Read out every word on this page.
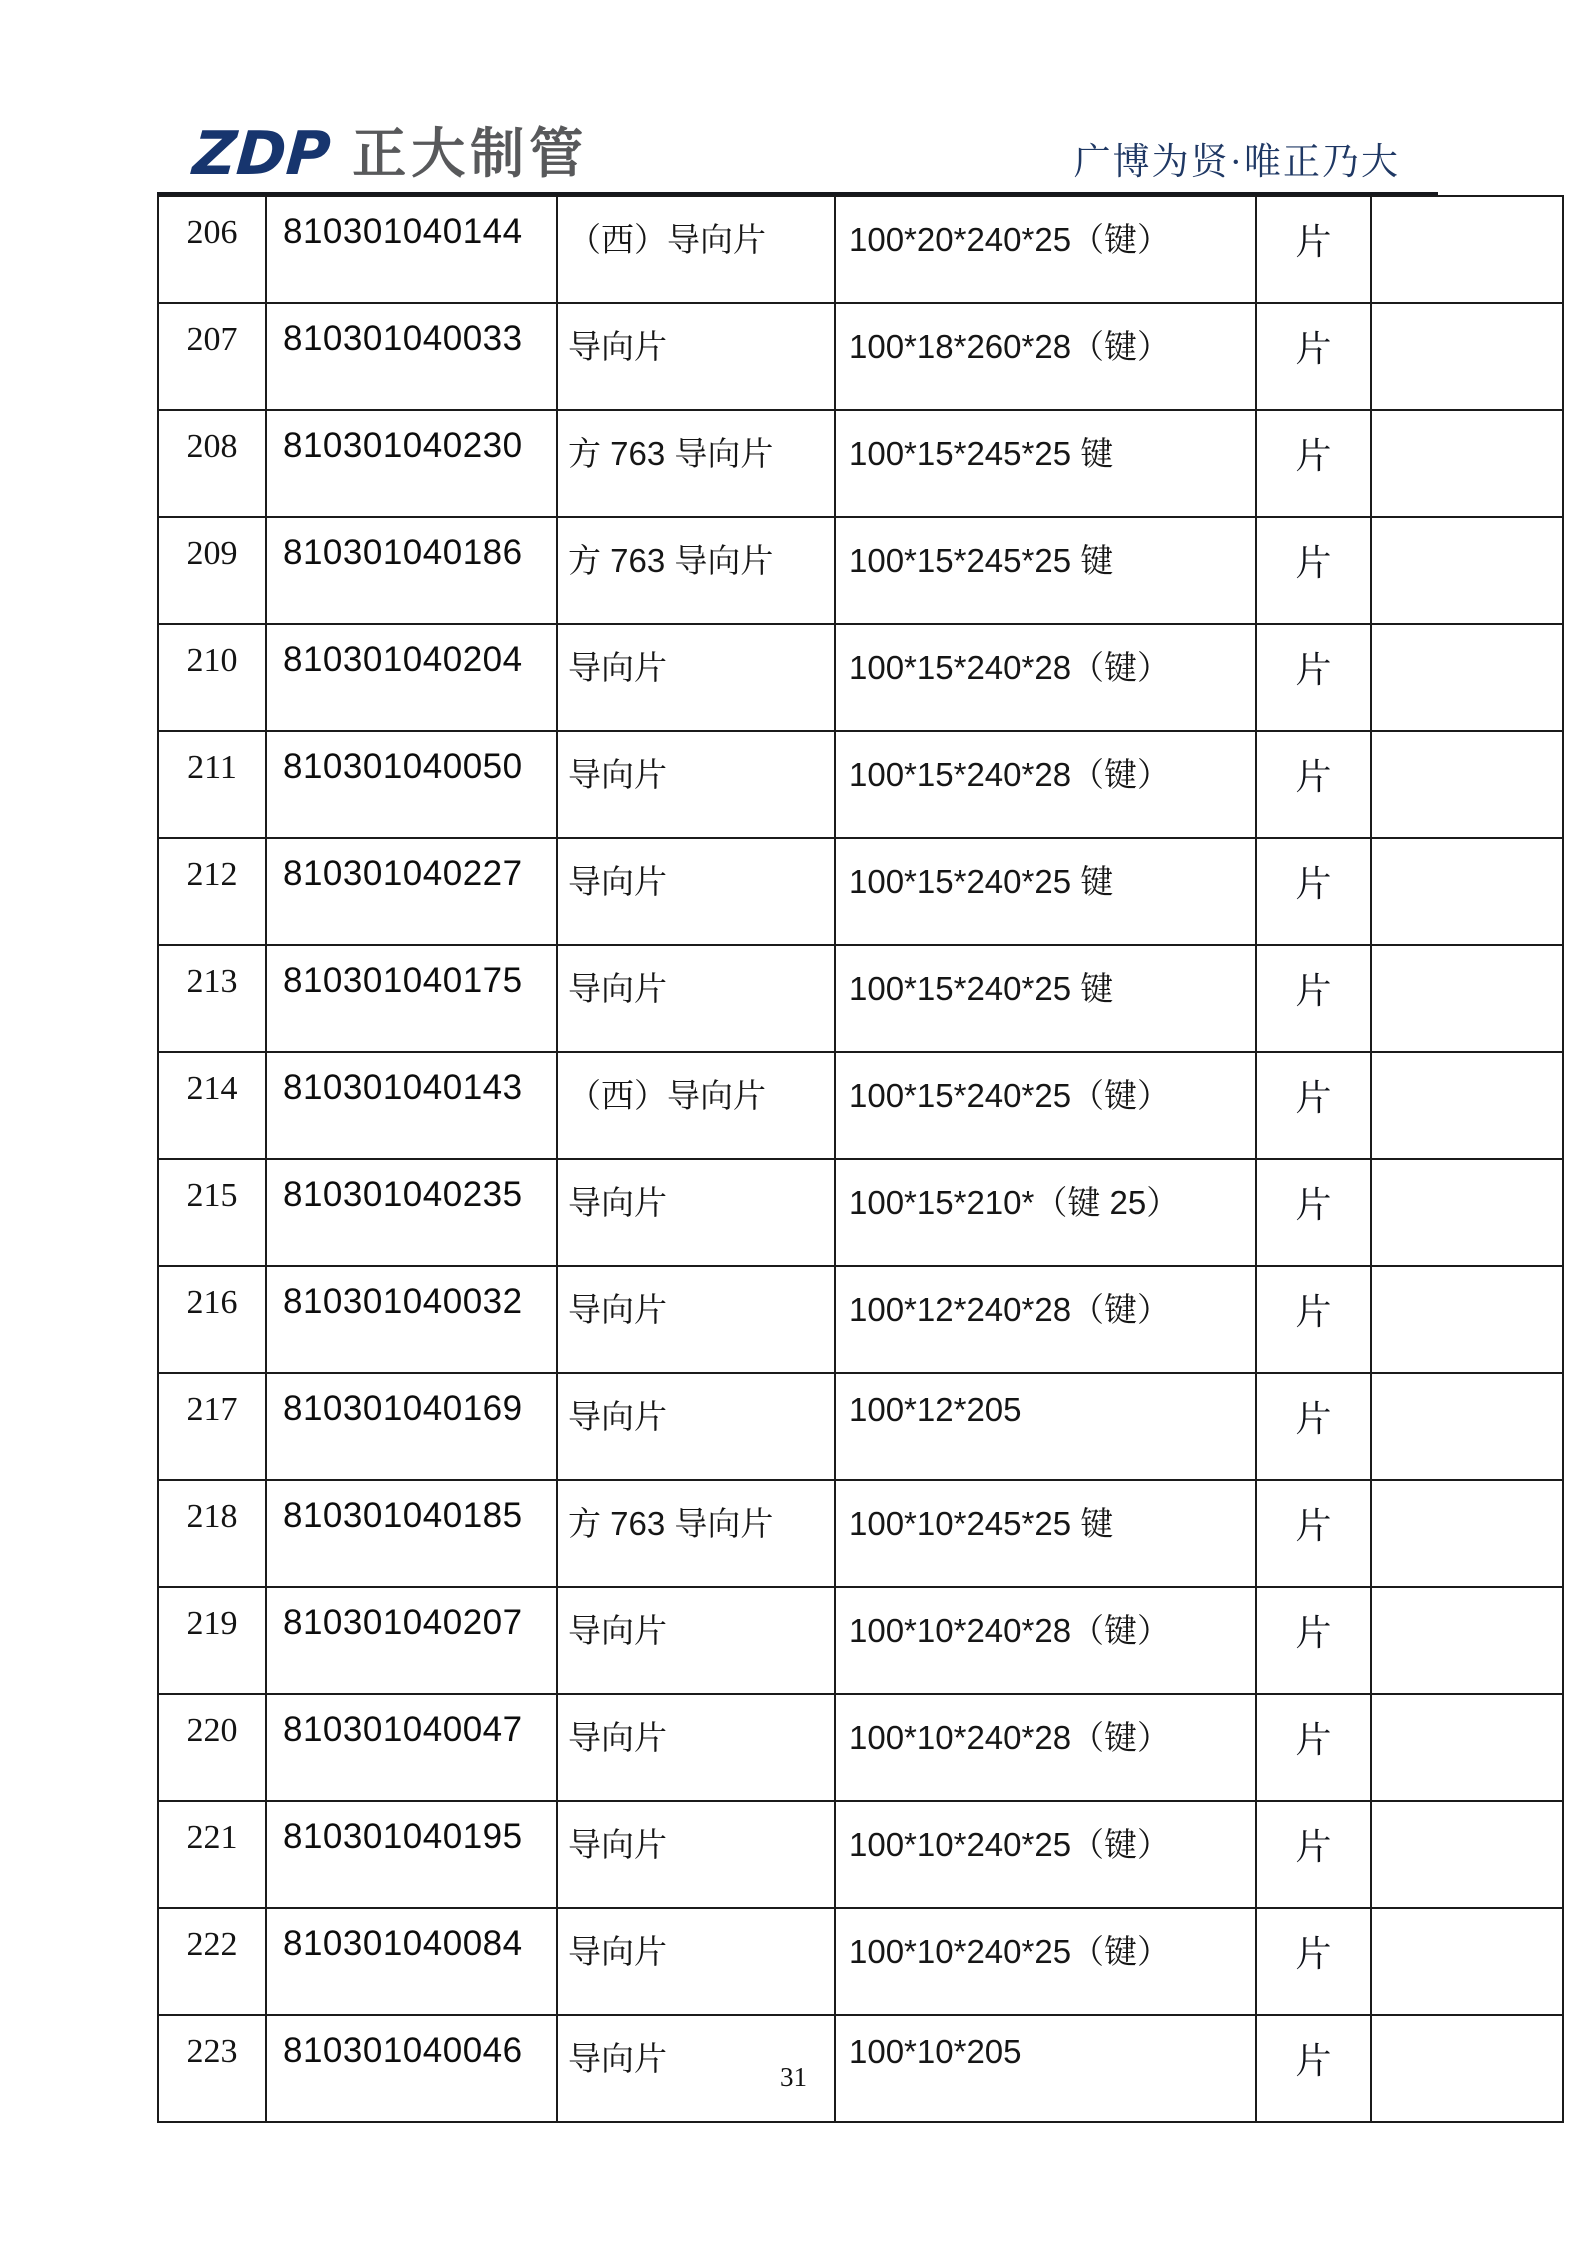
ZDP 正大制管	广博为贤·唯正乃大
206	810301040144	（西）导向片	100*20*240*25（键）	片	
207	810301040033	导向片	100*18*260*28（键）	片	
208	810301040230	方 763 导向片	100*15*245*25 键	片	
209	810301040186	方 763 导向片	100*15*245*25 键	片	
210	810301040204	导向片	100*15*240*28（键）	片	
211	810301040050	导向片	100*15*240*28（键）	片	
212	810301040227	导向片	100*15*240*25 键	片	
213	810301040175	导向片	100*15*240*25 键	片	
214	810301040143	（西）导向片	100*15*240*25（键）	片	
215	810301040235	导向片	100*15*210*（键 25）	片	
216	810301040032	导向片	100*12*240*28（键）	片	
217	810301040169	导向片	100*12*205	片	
218	810301040185	方 763 导向片	100*10*245*25 键	片	
219	810301040207	导向片	100*10*240*28（键）	片	
220	810301040047	导向片	100*10*240*28（键）	片	
221	810301040195	导向片	100*10*240*25（键）	片	
222	810301040084	导向片	100*10*240*25（键）	片	
223	810301040046	导向片	100*10*205	片	
31
